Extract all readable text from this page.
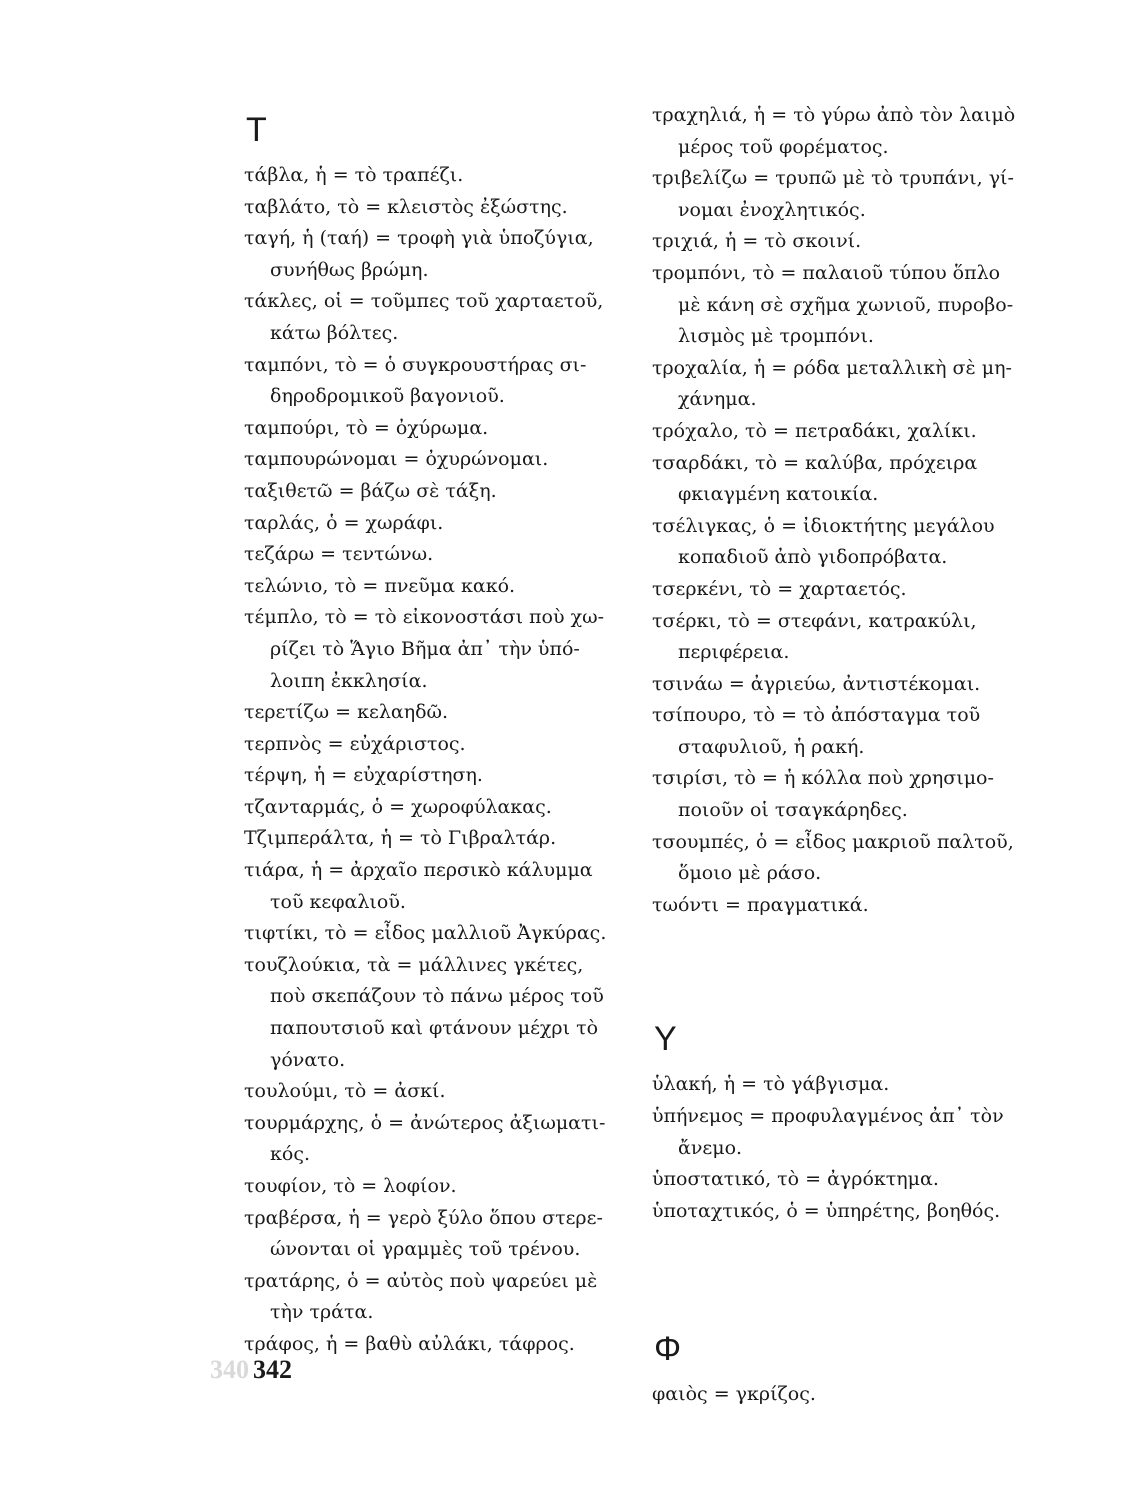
Τ
τάβλα, ἡ = τὸ τραπέζι.
ταβλάτο, τὸ = κλειστὸς ἐξώστης.
ταγή, ἡ (ταή) = τροφὴ γιὰ ὑποζύγια,
συνήθως βρώμη.
τάκλες, οἱ = τοῦμπες τοῦ χαρταετοῦ,
κάτω βόλτες.
ταμπόνι, τὸ = ὁ συγκρουστήρας σι-
δηροδρομικοῦ βαγονιοῦ.
ταμπούρι, τὸ = ὀχύρωμα.
ταμπουρώνομαι = ὀχυρώνομαι.
ταξιθετῶ = βάζω σὲ τάξη.
ταρλάς, ὁ = χωράφι.
τεζάρω = τεντώνω.
τελώνιο, τὸ = πνεῦμα κακό.
τέμπλο, τὸ = τὸ εἰκονοστάσι ποὺ χω-
ρίζει τὸ Ἅγιο Βῆμα ἀπ᾿ τὴν ὑπό-
λοιπη ἐκκλησία.
τερετίζω = κελαηδῶ.
τερπνὸς = εὐχάριστος.
τέρψη, ἡ = εὐχαρίστηση.
τζανταρμάς, ὁ = χωροφύλακας.
Τζιμπεράλτα, ἡ = τὸ Γιβραλτάρ.
τιάρα, ἡ = ἀρχαῖο περσικὸ κάλυμμα
τοῦ κεφαλιοῦ.
τιφτίκι, τὸ = εἶδος μαλλιοῦ Ἀγκύρας.
τουζλούκια, τὰ = μάλλινες γκέτες,
ποὺ σκεπάζουν τὸ πάνω μέρος τοῦ
παπουτσιοῦ καὶ φτάνουν μέχρι τὸ
γόνατο.
τουλούμι, τὸ = ἀσκί.
τουρμάρχης, ὁ = ἀνώτερος ἀξιωματι-
κός.
τουφίον, τὸ = λοφίον.
τραβέρσα, ἡ = γερὸ ξύλο ὅπου στερε-
ώνονται οἱ γραμμὲς τοῦ τρένου.
τρατάρης, ὁ = αὐτὸς ποὺ ψαρεύει μὲ
τὴν τράτα.
τράφος, ἡ = βαθὺ αὐλάκι, τάφρος.
τραχηλιά, ἡ = τὸ γύρω ἀπὸ τὸν λαιμὸ
μέρος τοῦ φορέματος.
τριβελίζω = τρυπῶ μὲ τὸ τρυπάνι, γί-
νομαι ἐνοχλητικός.
τριχιά, ἡ = τὸ σκοινί.
τρομπόνι, τὸ = παλαιοῦ τύπου ὅπλο
μὲ κάνη σὲ σχῆμα χωνιοῦ, πυροβο-
λισμὸς μὲ τρομπόνι.
τροχαλία, ἡ = ρόδα μεταλλικὴ σὲ μη-
χάνημα.
τρόχαλο, τὸ = πετραδάκι, χαλίκι.
τσαρδάκι, τὸ = καλύβα, πρόχειρα
φκιαγμένη κατοικία.
τσέλιγκας, ὁ = ἰδιοκτήτης μεγάλου
κοπαδιοῦ ἀπὸ γιδοπρόβατα.
τσερκένι, τὸ = χαρταετός.
τσέρκι, τὸ = στεφάνι, κατρακύλι,
περιφέρεια.
τσινάω = ἀγριεύω, ἀντιστέκομαι.
τσίπουρο, τὸ = τὸ ἀπόσταγμα τοῦ
σταφυλιοῦ, ἡ ρακή.
τσιρίσι, τὸ = ἡ κόλλα ποὺ χρησιμο-
ποιοῦν οἱ τσαγκάρηδες.
τσουμπές, ὁ = εἶδος μακριοῦ παλτοῦ,
ὅμοιο μὲ ράσο.
τωόντι = πραγματικά.
Υ
ὑλακή, ἡ = τὸ γάβγισμα.
ὑπήνεμος = προφυλαγμένος ἀπ᾿ τὸν
ἄνεμο.
ὑποστατικό, τὸ = ἀγρόκτημα.
ὑποταχτικός, ὁ = ὑπηρέτης, βοηθός.
Φ
φαιὸς = γκρίζος.
340 342
